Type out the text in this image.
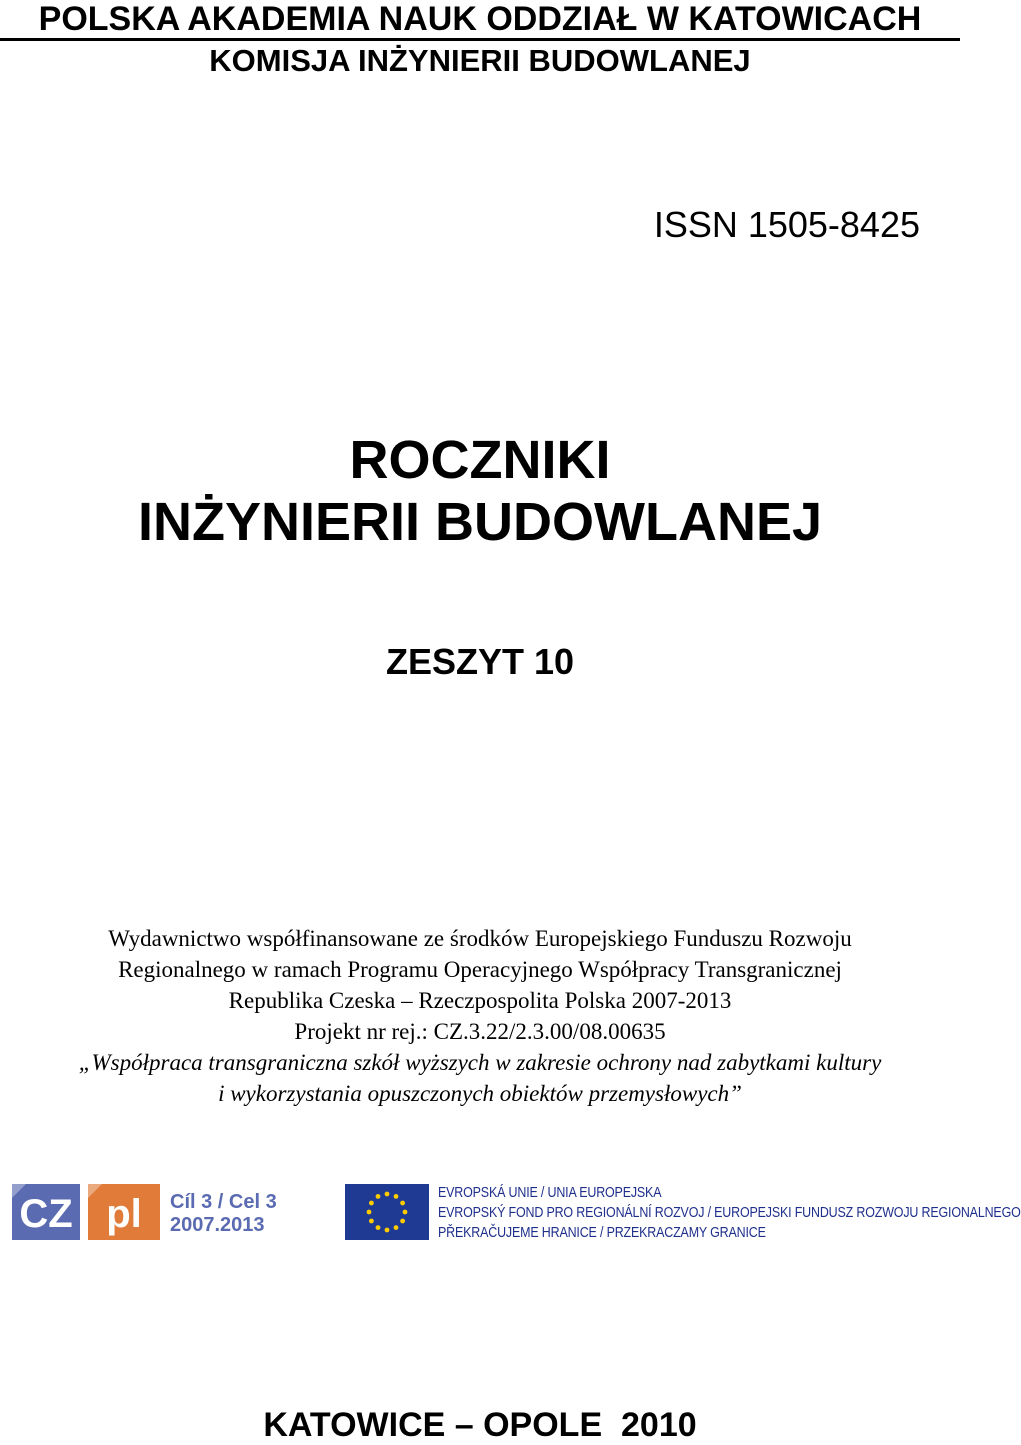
POLSKA AKADEMIA NAUK ODDZIAŁ W KATOWICACH
KOMISJA INŻYNIERII BUDOWLANEJ
ISSN 1505-8425
ROCZNIKI
INŻYNIERII BUDOWLANEJ
ZESZYT 10
Wydawnictwo współfinansowane ze środków Europejskiego Funduszu Rozwoju
Regionalnego w ramach Programu Operacyjnego Współpracy Transgranicznej
Republika Czeska – Rzeczpospolita Polska 2007-2013
Projekt nr rej.: CZ.3.22/2.3.00/08.00635
„Współpraca transgraniczna szkół wyższych w zakresie ochrony nad zabytkami kultury
i wykorzystania opuszczonych obiektów przemysłowych”
CZ pl Cíl 3 / Cel 3
2007.2013
EVROPSKÁ UNIE / UNIA EUROPEJSKA
EVROPSKÝ FOND PRO REGIONÁLNÍ ROZVOJ / EUROPEJSKI FUNDUSZ ROZWOJU REGIONALNEGO
PŘEKRAČUJEME HRANICE / PRZEKRACZAMY GRANICE
KATOWICE – OPOLE  2010
